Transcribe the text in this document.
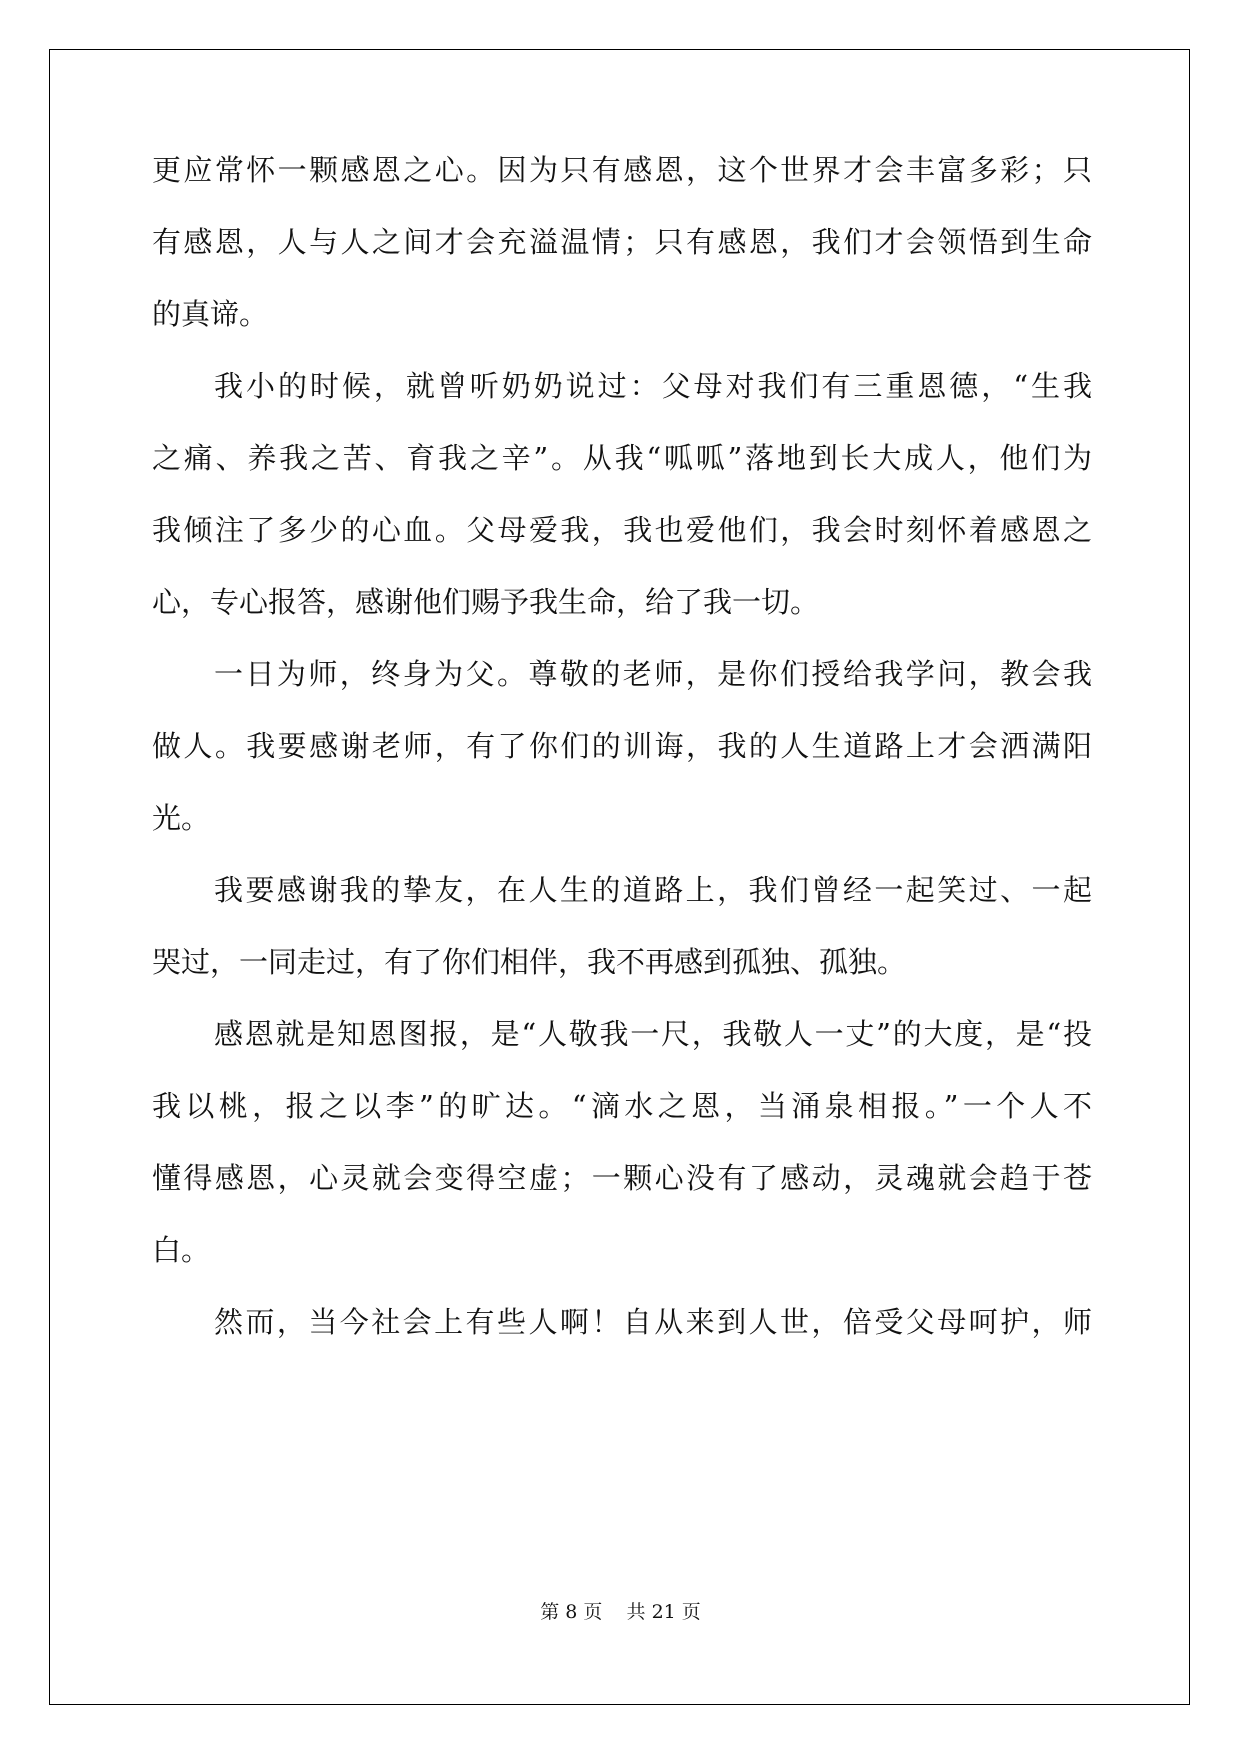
更应常怀一颗感恩之心。因为只有感恩，这个世界才会丰富多彩；只
有感恩，人与人之间才会充溢温情；只有感恩，我们才会领悟到生命
的真谛。
我小的时候，就曾听奶奶说过：父母对我们有三重恩德，“生我
之痛、养我之苦、育我之辛”。从我“呱呱”落地到长大成人，他们为
我倾注了多少的心血。父母爱我，我也爱他们，我会时刻怀着感恩之
心，专心报答，感谢他们赐予我生命，给了我一切。
一日为师，终身为父。尊敬的老师，是你们授给我学问，教会我
做人。我要感谢老师，有了你们的训诲，我的人生道路上才会洒满阳
光。
我要感谢我的挚友，在人生的道路上，我们曾经一起笑过、一起
哭过，一同走过，有了你们相伴，我不再感到孤独、孤独。
感恩就是知恩图报，是“人敬我一尺，我敬人一丈”的大度，是“投
我以桃，报之以李”的旷达。“滴水之恩，当涌泉相报。”一个人不
懂得感恩，心灵就会变得空虚；一颗心没有了感动，灵魂就会趋于苍
白。
然而，当今社会上有些人啊！自从来到人世，倍受父母呵护，师
第 8 页    共 21 页
